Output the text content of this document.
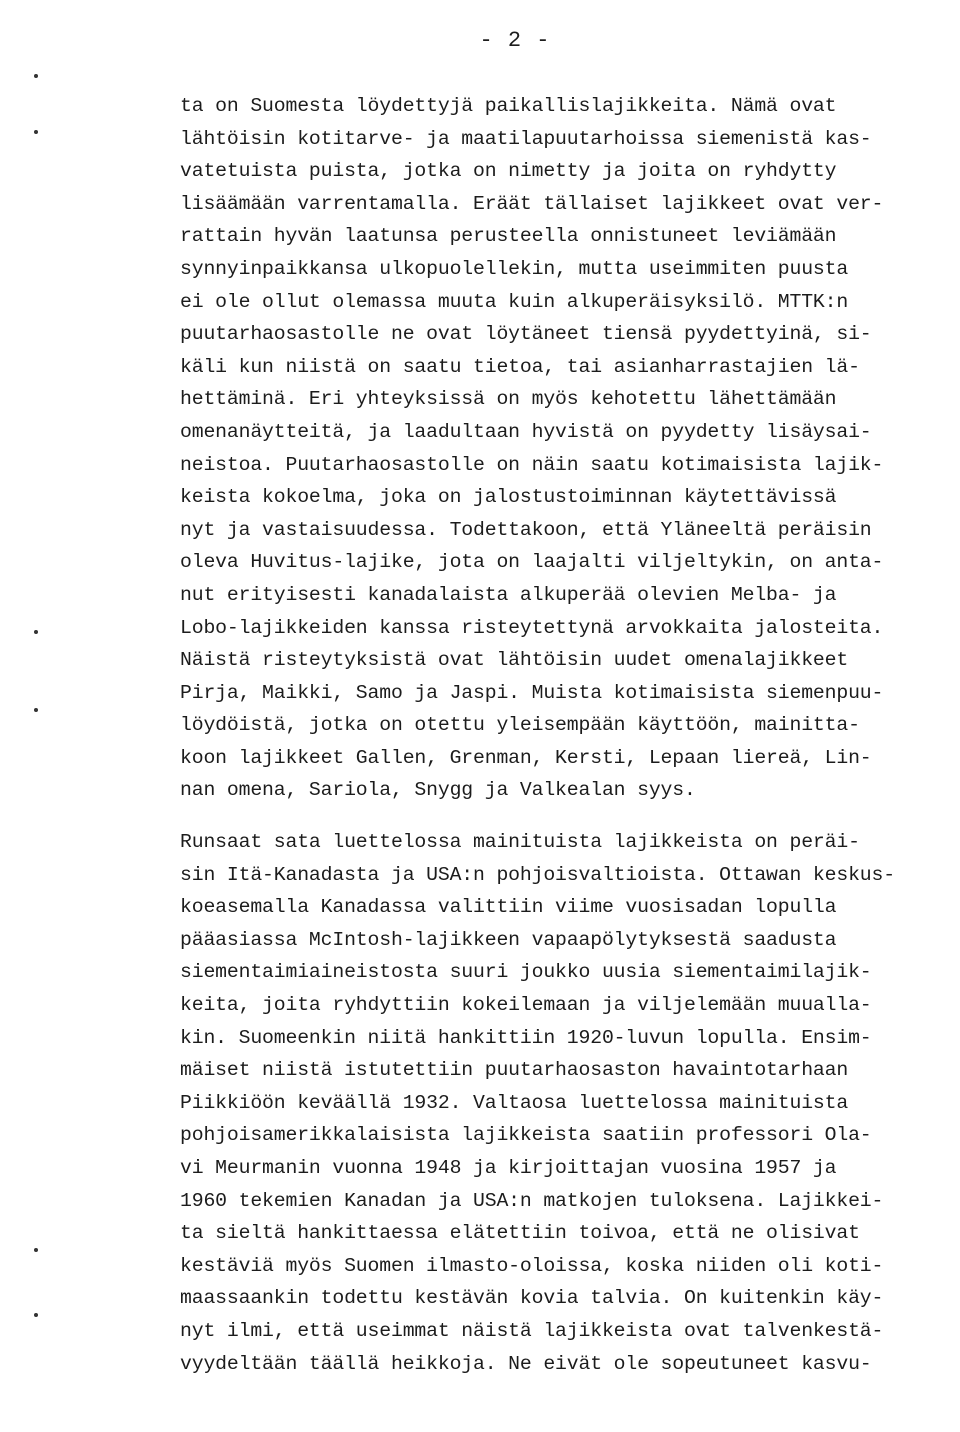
- 2 -
ta on Suomesta löydettyjä paikallislajikkeita. Nämä ovat
lähtöisin kotitarve- ja maatilapuutarhoissa siemenistä kas-
vatetuista puista, jotka on nimetty ja joita on ryhdytty
lisäämään varrentamalla. Eräät tällaiset lajikkeet ovat ver-
rattain hyvän laatunsa perusteella onnistuneet leviämään
synnyinpaikkansa ulkopuolellekin, mutta useimmiten puusta
ei ole ollut olemassa muuta kuin alkuperäisyksilö. MTTK:n
puutarhaosastolle ne ovat löytäneet tiensä pyydettyinä, si-
käli kun niistä on saatu tietoa, tai asianharrastajien lä-
hettäminä. Eri yhteyksissä on myös kehotettu lähettämään
omenanäytteitä, ja laadultaan hyvistä on pyydetty lisäysai-
neistoa. Puutarhaosastolle on näin saatu kotimaisista lajik-
keista kokoelma, joka on jalostustoiminnan käytettävissä
nyt ja vastaisuudessa. Todettakoon, että Yläneeltä peräisin
oleva Huvitus-lajike, jota on laajalti viljeltykin, on anta-
nut erityisesti kanadalaista alkuperää olevien Melba- ja
Lobo-lajikkeiden kanssa risteytettynä arvokkaita jalosteita.
Näistä risteytyksistä ovat lähtöisin uudet omenalajikkeet
Pirja, Maikki, Samo ja Jaspi. Muista kotimaisista siemenpuu-
löydöistä, jotka on otettu yleisempään käyttöön, mainitta-
koon lajikkeet Gallen, Grenman, Kersti, Lepaan liereä, Lin-
nan omena, Sariola, Snygg ja Valkealan syys.
Runsaat sata luettelossa mainituista lajikkeista on peräi-
sin Itä-Kanadasta ja USA:n pohjoisvaltioista. Ottawan keskus-
koeasemalla Kanadassa valittiin viime vuosisadan lopulla
pääasiassa McIntosh-lajikkeen vapaapölytyksestä saadusta
siementaimiaineistosta suuri joukko uusia siementaimilajik-
keita, joita ryhdyttiin kokeilemaan ja viljelemään muualla-
kin. Suomeenkin niitä hankittiin 1920-luvun lopulla. Ensim-
mäiset niistä istutettiin puutarhaosaston havaintotarhaan
Piikkiöön keväällä 1932. Valtaosa luettelossa mainituista
pohjoisamerikkalaisista lajikkeista saatiin professori Ola-
vi Meurmanin vuonna 1948 ja kirjoittajan vuosina 1957 ja
1960 tekemien Kanadan ja USA:n matkojen tuloksena. Lajikkei-
ta sieltä hankittaessa elätettiin toivoa, että ne olisivat
kestäviä myös Suomen ilmasto-oloissa, koska niiden oli koti-
maassaankin todettu kestävän kovia talvia. On kuitenkin käy-
nyt ilmi, että useimmat näistä lajikkeista ovat talvenkestä-
vyydeltään täällä heikkoja. Ne eivät ole sopeutuneet kasvu-
